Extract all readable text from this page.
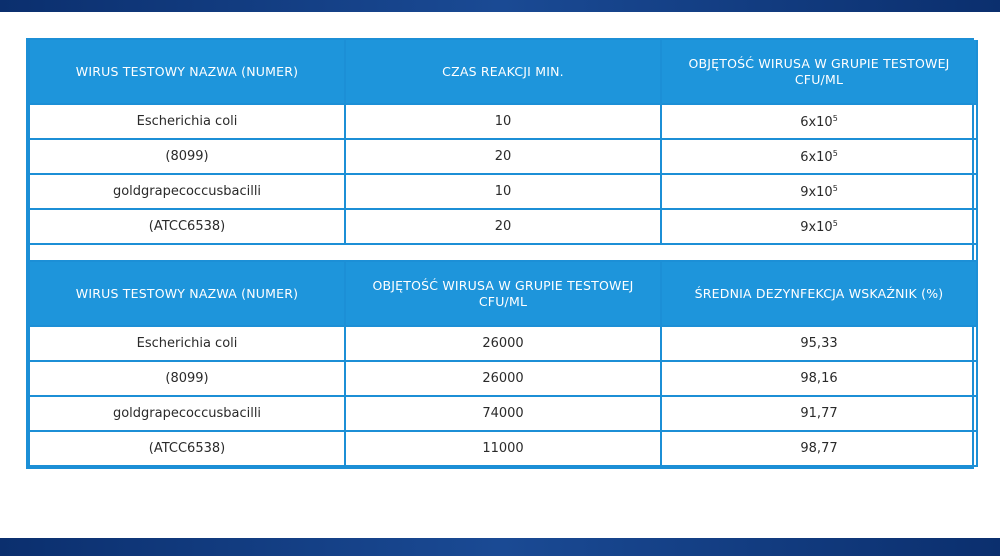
WIRUS TESTOWY NAZWA (NUMER)	CZAS REAKCJI MIN.	OBJĘTOŚĆ WIRUSA W GRUPIE TESTOWEJ CFU/ML
Escherichia coli	10	$6x10^5$
(8099)	20	$6x10^5$
goldgrapecoccusbacilli	10	$9x10^5$
(ATCC6538)	20	$9x10^5$

WIRUS TESTOWY NAZWA (NUMER)	OBJĘTOŚĆ WIRUSA W GRUPIE TESTOWEJ CFU/ML	ŚREDNIA DEZYNFEKCJA WSKAŹNIK (%)
Escherichia coli	26000	95,33
(8099)	26000	98,16
goldgrapecoccusbacilli	74000	91,77
(ATCC6538)	11000	98,77
